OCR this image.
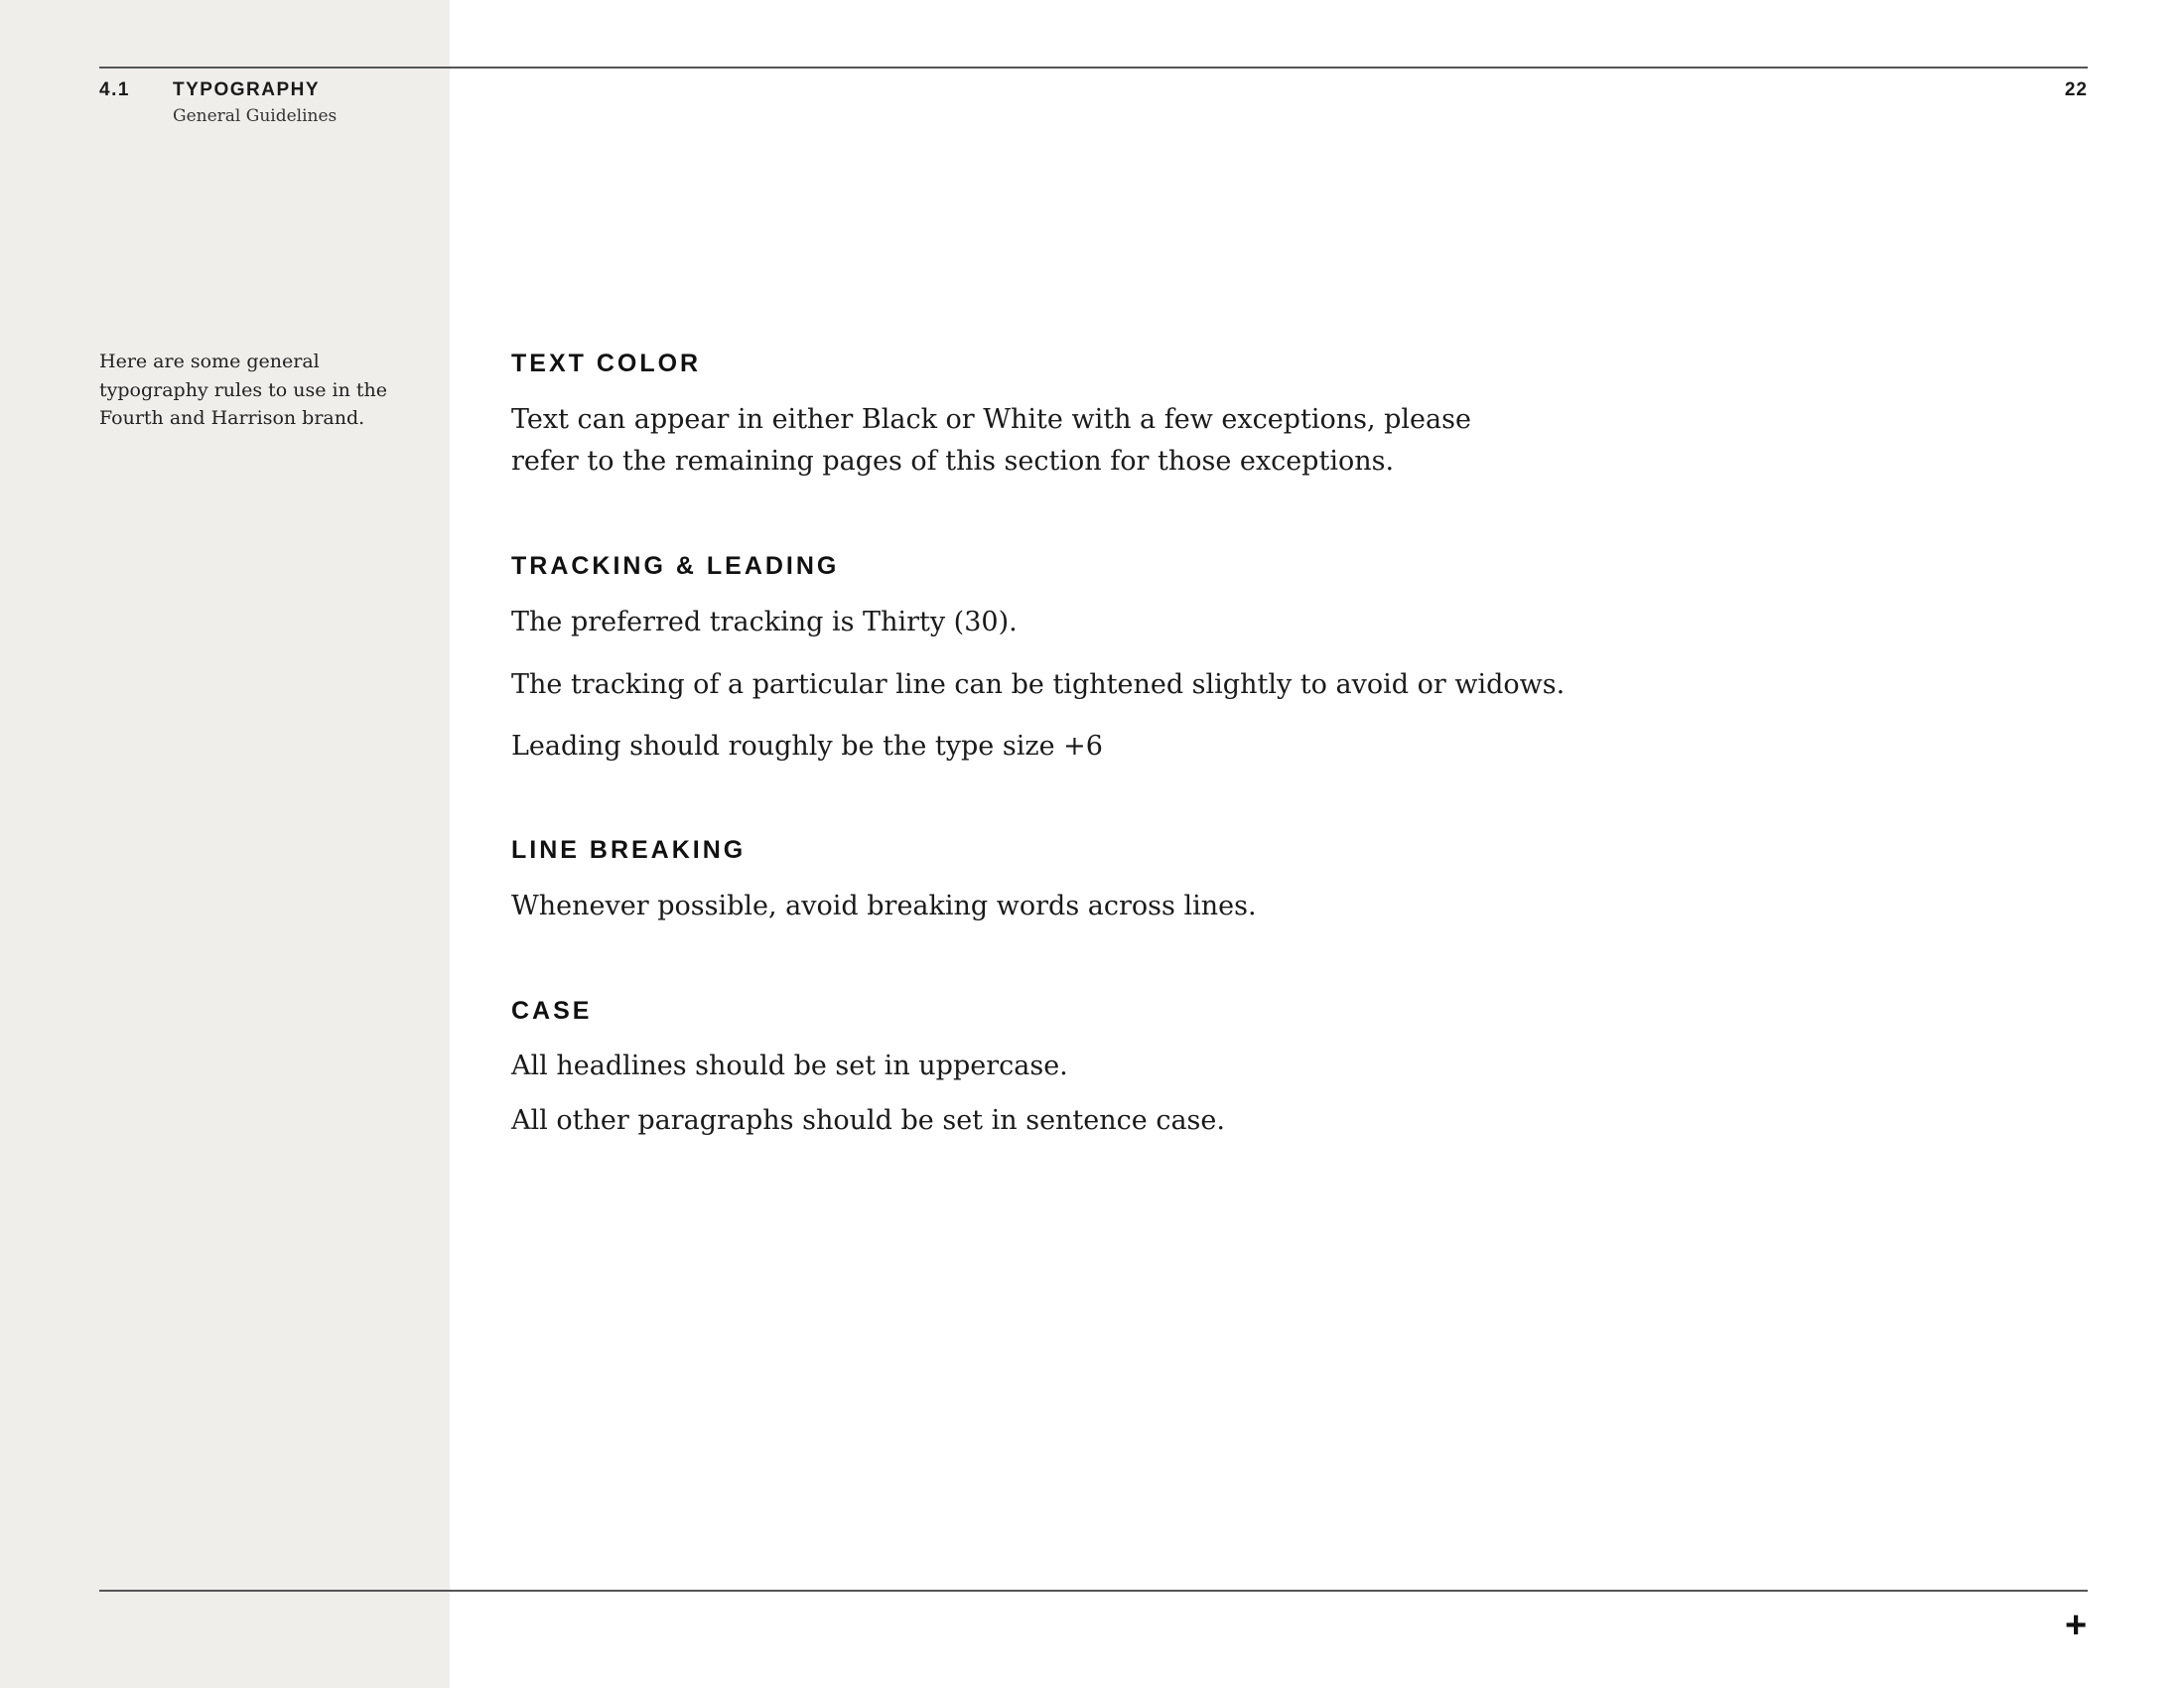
4.1 TYPOGRAPHY

General Guidelines

22

Here are some general typography rules to use in the Fourth and Harrison brand.

TEXT COLOR

Text can appear in either Black or White with a few exceptions, please refer to the remaining pages of this section for those exceptions.

TRACKING & LEADING

The preferred tracking is Thirty (30).

The tracking of a particular line can be tightened slightly to avoid or widows.

Leading should roughly be the type size +6

LINE BREAKING

Whenever possible, avoid breaking words across lines.

CASE

All headlines should be set in uppercase.

All other paragraphs should be set in sentence case.

+
